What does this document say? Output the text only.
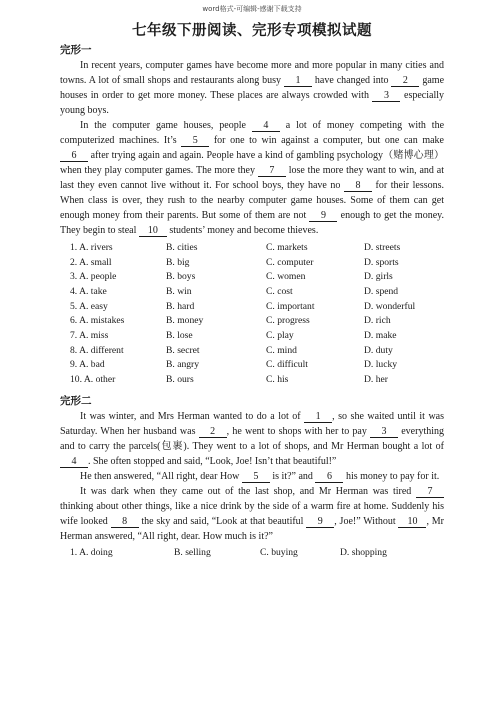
word格式-可编辑-感谢下载支持
七年级下册阅读、完形专项模拟试题
完形一

In recent years, computer games have become more and more popular in many cities and towns. A lot of small shops and restaurants along busy 1 have changed into 2 game houses in order to get more money. These places are always crowded with 3 especially young boys.

In the computer game houses, people 4 a lot of money competing with the computerized machines. It’s 5 for one to win against a computer, but one can make 6 after trying again and again. People have a kind of gambling psychology（赌博心理）when they play computer games. The more they 7 lose the more they want to win, and at last they even cannot live without it. For school boys, they have no 8 for their lessons. When class is over, they rush to the nearby computer game houses. Some of them can get enough money from their parents. But some of them are not 9 enough to get the money. They begin to steal 10 students’ money and become thieves.

1. A. rivers	B. cities	C. markets	D. streets
2. A. small	B. big	C. computer	D. sports
3. A. people	B. boys	C. women	D. girls
4. A. take	B. win	C. cost	D. spend
5. A. easy	B. hard	C. important	D. wonderful
6. A. mistakes	B. money	C. progress	D. rich
7. A. miss	B. lose	C. play	D. make
8. A. different	B. secret	C. mind	D. duty
9. A. bad	B. angry	C. difficult	D. lucky
10. A. other	B. ours	C. his	D. her
完形二

It was winter, and Mrs Herman wanted to do a lot of 1 , so she waited until it was Saturday. When her husband was 2 , he went to shops with her to pay 3 everything and to carry the parcels(包裹). They went to a lot of shops, and Mr Herman bought a lot of 4 . She often stopped and said, “Look, Joe! Isn’t that beautiful!”

He then answered, “All right, dear How 5 is it?” and 6 his money to pay for it.

It was dark when they came out of the last shop, and Mr Herman was tired 7 thinking about other things, like a nice drink by the side of a warm fire at home. Suddenly his wife looked 8 the sky and said, “Look at that beautiful 9 , Joe!” Without 10 , Mr Herman answered, “All right, dear. How much is it?”

1. A. doing	B. selling	C. buying	D. shopping
